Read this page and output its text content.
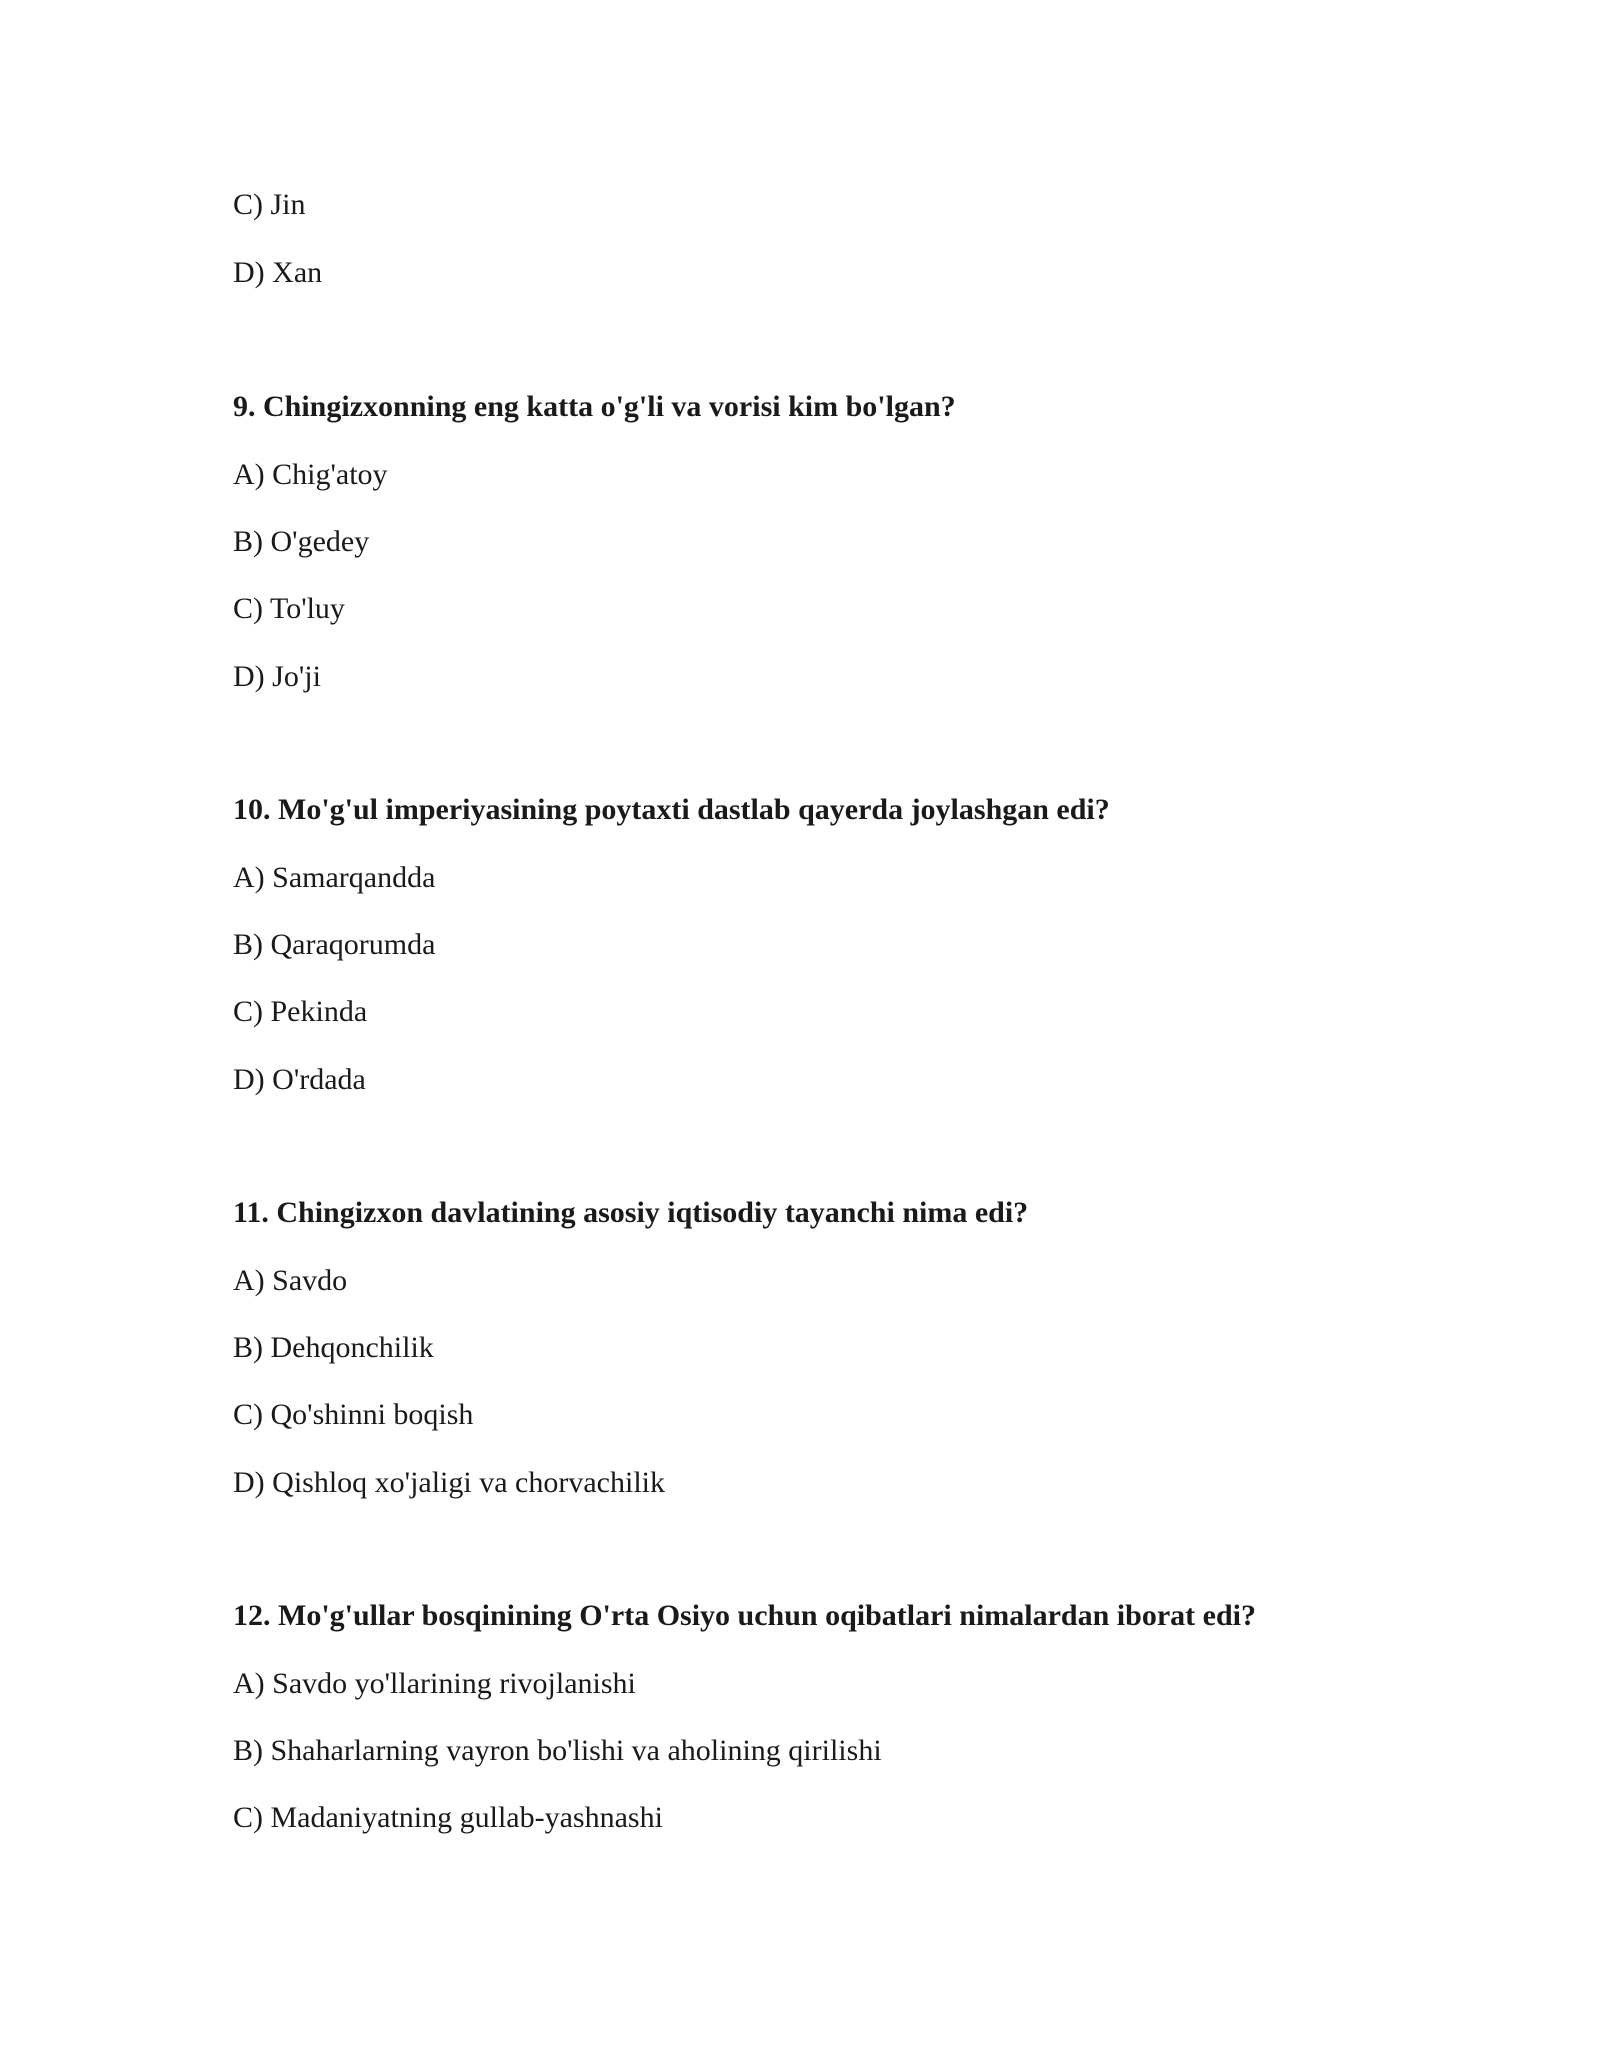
C) Jin
D) Xan
9. Chingizxonning eng katta o'g'li va vorisi kim bo'lgan?
A) Chig'atoy
B) O'gedey
C) To'luy
D) Jo'ji
10. Mo'g'ul imperiyasining poytaxti dastlab qayerda joylashgan edi?
A) Samarqandda
B) Qaraqorumda
C) Pekinda
D) O'rdada
11. Chingizxon davlatining asosiy iqtisodiy tayanchi nima edi?
A) Savdo
B) Dehqonchilik
C) Qo'shinni boqish
D) Qishloq xo'jaligi va chorvachilik
12. Mo'g'ullar bosqinining O'rta Osiyo uchun oqibatlari nimalardan iborat edi?
A) Savdo yo'llarining rivojlanishi
B) Shaharlarning vayron bo'lishi va aholining qirilishi
C) Madaniyatning gullab-yashnashi
